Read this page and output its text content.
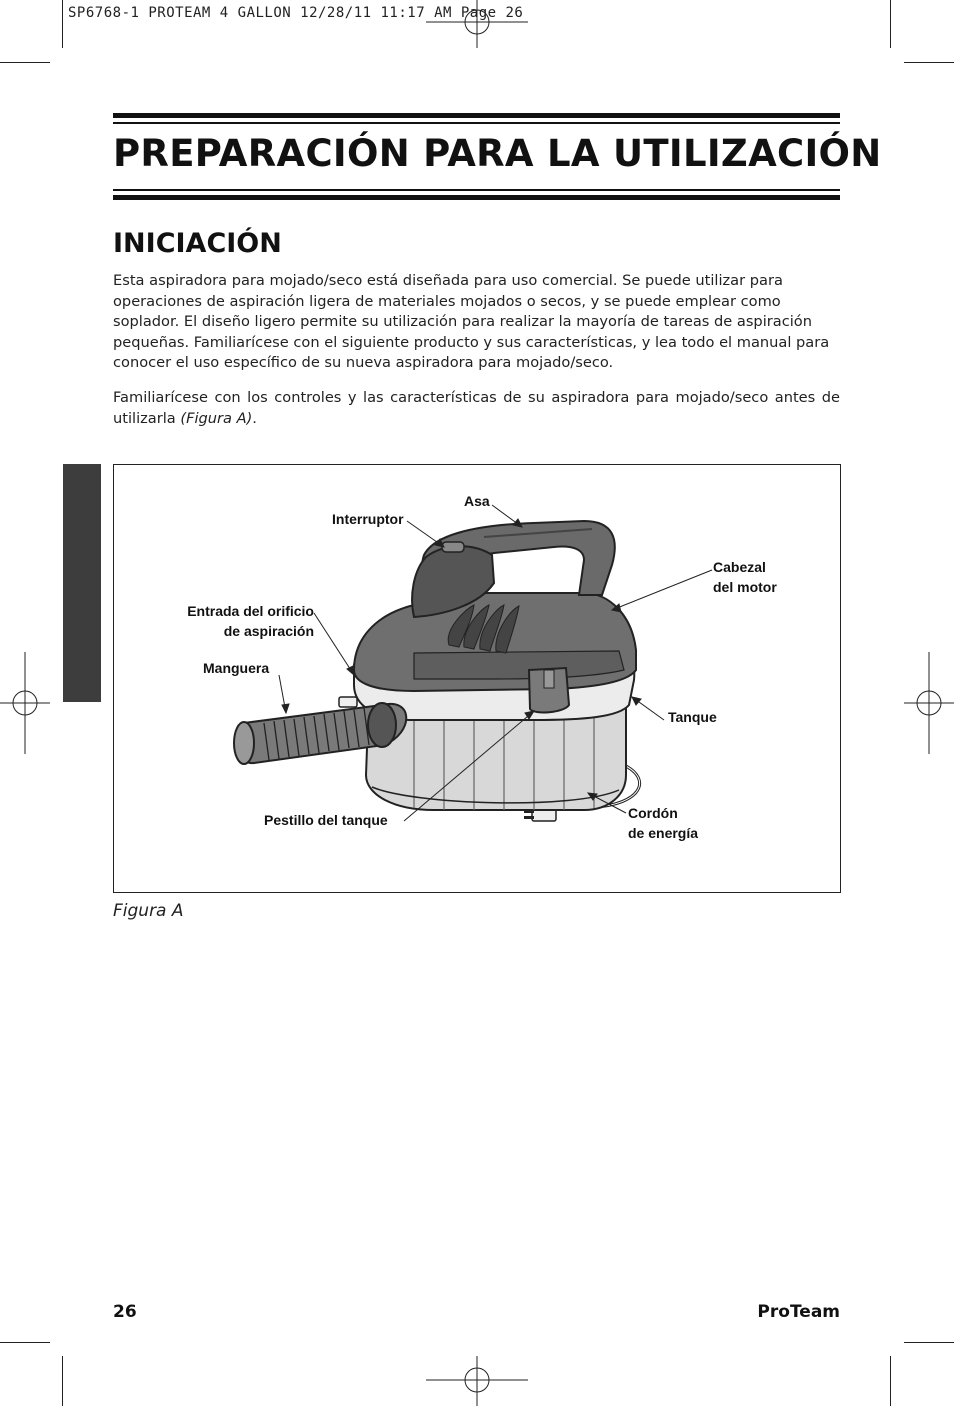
SP6768-1 PROTEAM 4 GALLON 12/28/11 11:17 AM Page 26
PREPARACIÓN PARA LA UTILIZACIÓN
INICIACIÓN

Esta aspiradora para mojado/seco está diseñada para uso comercial. Se puede utilizar para operaciones de aspiración ligera de materiales mojados o secos, y se puede emplear como soplador. El diseño ligero permite su utilización para realizar la mayoría de tareas de aspiración pequeñas. Familiarícese con el siguiente producto y sus características, y lea todo el manual para conocer el uso específico de su nueva aspiradora para mojado/seco.

Familiarícese con los controles y las características de su aspiradora para mojado/seco antes de utilizarla (Figura A).

Asa
Interruptor
Cabezal
del motor
Entrada del orificio
de aspiración
Manguera
Tanque
Pestillo del tanque	Cordón
de energía
Figura A
26	ProTeam
